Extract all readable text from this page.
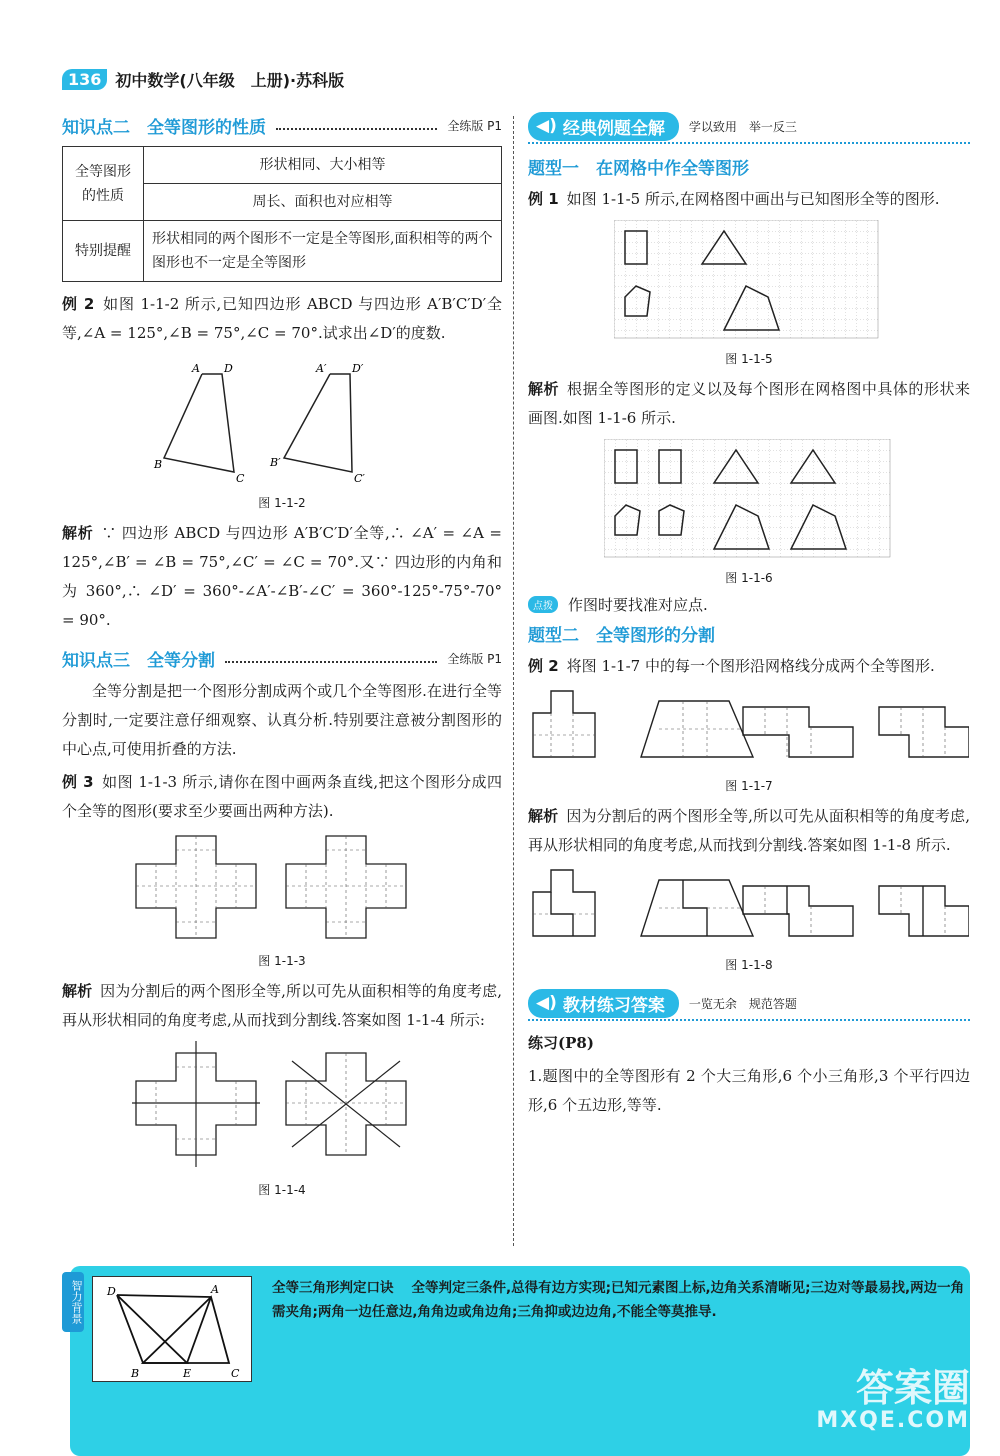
136 初中数学(八年级　上册)·苏科版
知识点二　全等图形的性质	全练版 P1
全等图形
的性质	形状相同、大小相等
	周长、面积也对应相等
特别提醒	形状相同的两个图形不一定是全等图形,面积相等的两个图形也不一定是全等图形
例 2 如图 1-1-2 所示,已知四边形 ABCD 与四边形 A′B′C′D′全等,∠A = 125°,∠B = 75°,∠C = 70°.试求出∠D′的度数.
A D
B
C
A′ D′
B′
C′
图 1-1-2
解析 ∵ 四边形 ABCD 与四边形 A′B′C′D′全等,∴ ∠A′ = ∠A = 125°,∠B′ = ∠B = 75°,∠C′ = ∠C = 70°.又∵ 四边形的内角和为 360°,∴ ∠D′ = 360°-∠A′-∠B′-∠C′ = 360°-125°-75°-70° = 90°.
知识点三　全等分割	全练版 P1
全等分割是把一个图形分割成两个或几个全等图形.在进行全等分割时,一定要注意仔细观察、认真分析.特别要注意被分割图形的中心点,可使用折叠的方法.
例 3 如图 1-1-3 所示,请你在图中画两条直线,把这个图形分成四个全等的图形(要求至少要画出两种方法).
图 1-1-3
解析 因为分割后的两个图形全等,所以可先从面积相等的角度考虑,再从形状相同的角度考虑,从而找到分割线.答案如图 1-1-4 所示:
图 1-1-4
◀) 经典例题全解 学以致用　举一反三
题型一　在网格中作全等图形
例 1 如图 1-1-5 所示,在网格图中画出与已知图形全等的图形.
图 1-1-5
解析 根据全等图形的定义以及每个图形在网格图中具体的形状来画图.如图 1-1-6 所示.
图 1-1-6
点拨	作图时要找准对应点.
题型二　全等图形的分割
例 2 将图 1-1-7 中的每一个图形沿网格线分成两个全等图形.
图 1-1-7
解析 因为分割后的两个图形全等,所以可先从面积相等的角度考虑,再从形状相同的角度考虑,从而找到分割线.答案如图 1-1-8 所示.
图 1-1-8
◀) 教材练习答案 一览无余　规范答题
练习(P8)
1.题图中的全等图形有 2 个大三角形,6 个小三角形,3 个平行四边形,6 个五边形,等等.
智力背景 D	A
B	E	C
全等三角形判定口诀 全等判定三条件,总得有边方实现;已知元素图上标,边角关系清晰见;三边对等最易找,两边一角需夹角;两角一边任意边,角角边或角边角;三角抑或边边角,不能全等莫推导.
答案圈
MXQE.COM
